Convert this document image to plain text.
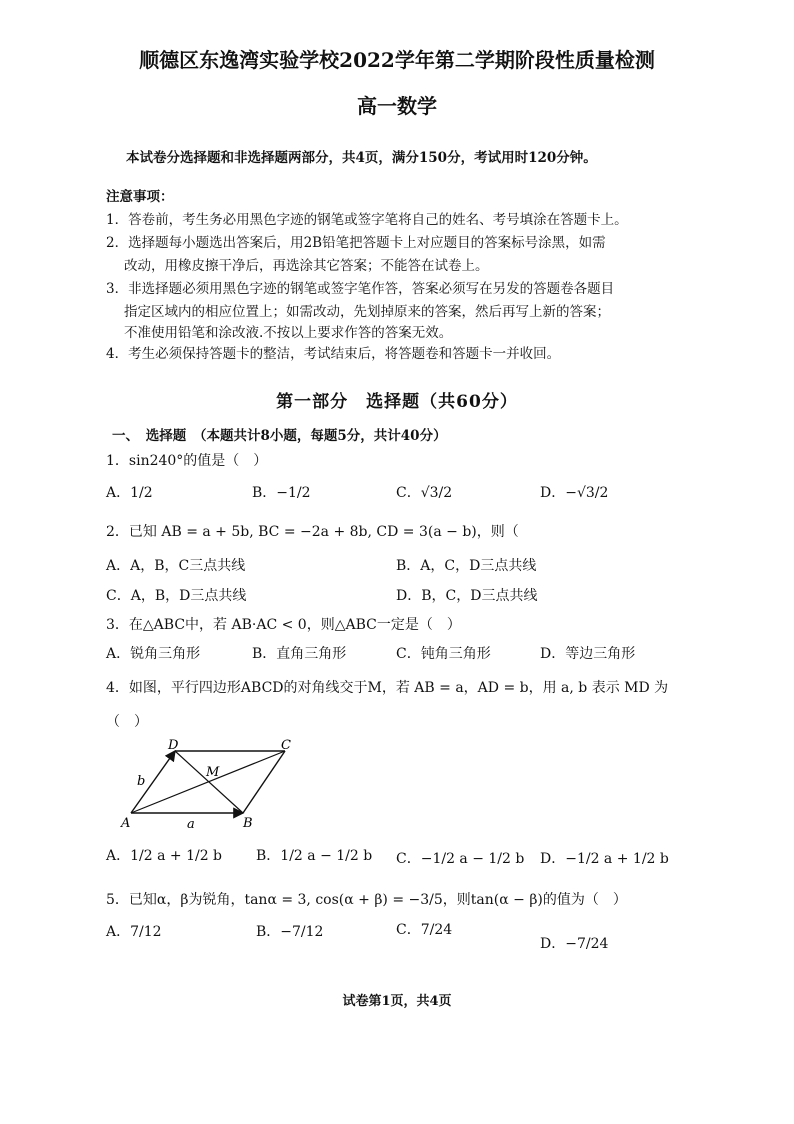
顺德区东逸湾实验学校2022学年第二学期阶段性质量检测
高一数学
本试卷分选择题和非选择题两部分，共4页，满分150分，考试用时120分钟。
注意事项：
1．答卷前，考生务必用黑色字迹的钢笔或签字笔将自己的姓名、考号填涂在答题卡上。
2．选择题每小题选出答案后，用2B铅笔把答题卡上对应题目的答案标号涂黑，如需
改动，用橡皮擦干净后，再选涂其它答案；不能答在试卷上。
3．非选择题必须用黑色字迹的钢笔或签字笔作答，答案必须写在另发的答题卷各题目
指定区域内的相应位置上；如需改动，先划掉原来的答案，然后再写上新的答案；
不准使用铅笔和涂改液.不按以上要求作答的答案无效。
4．考生必须保持答题卡的整洁，考试结束后，将答题卷和答题卡一并收回。
第一部分　选择题（共60分）
一、　选择题　（本题共计8小题，每题5分，共计40分）
1．sin240°的值是（　）
A．1/2	B．−1/2	C．√3/2	D．−√3/2
2．已知 AB = a + 5b, BC = −2a + 8b, CD = 3(a − b)，则（
A．A，B，C三点共线	B．A，C，D三点共线
C．A，B，D三点共线	D．B，C，D三点共线
3．在△ABC中，若 AB·AC < 0，则△ABC一定是（　）
A．锐角三角形	B．直角三角形	C．钝角三角形	D．等边三角形
4．如图，平行四边形ABCD的对角线交于M，若 AB = a，AD = b，用 a, b 表示 MD 为
（　）
D	C
M
A	B
a
b
A．1/2 a + 1/2 b B．1/2 a − 1/2 b C．−1/2 a − 1/2 b D．−1/2 a + 1/2 b
5．已知α，β为锐角，tanα = 3, cos(α + β) = −3/5，则tan(α − β)的值为（　）
A．7/12	B．−7/12	C．7/24
D．−7/24
试卷第1页，共4页
